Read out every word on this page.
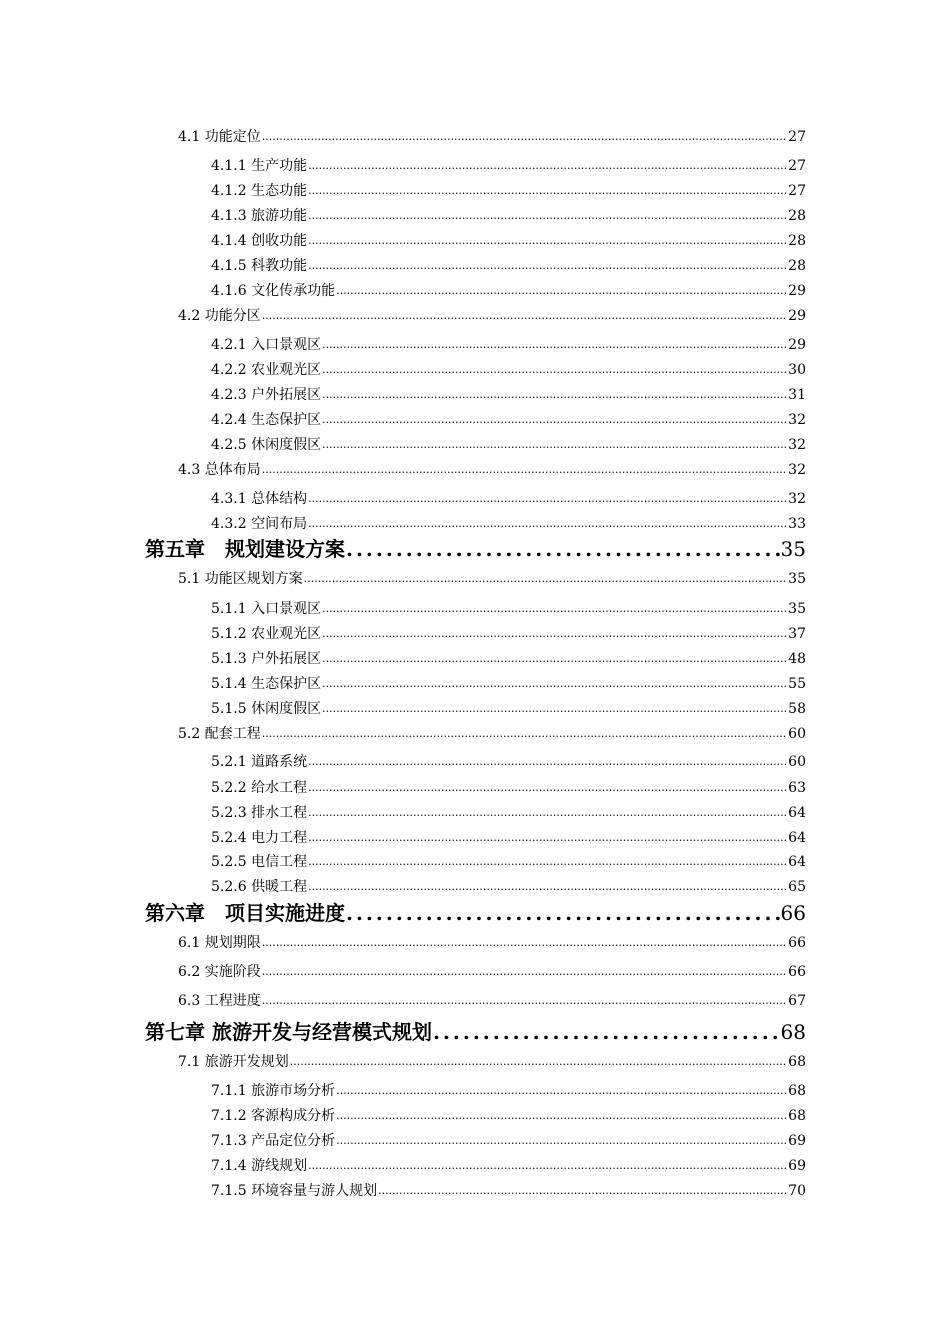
4.1 功能定位 .....	27
4.1.1 生产功能 .....	27
4.1.2 生态功能 .....	27
4.1.3 旅游功能 .....	28
4.1.4 创收功能 .....	28
4.1.5 科教功能 .....	28
4.1.6 文化传承功能 .....	29
4.2 功能分区 .....	29
4.2.1 入口景观区 .....	29
4.2.2 农业观光区 .....	30
4.2.3 户外拓展区 .....	31
4.2.4 生态保护区 .....	32
4.2.5 休闲度假区 .....	32
4.3 总体布局 .....	32
4.3.1 总体结构 .....	32
4.3.2 空间布局 .....	33
第五章　规划建设方案 .....	35
5.1 功能区规划方案 .....	35
5.1.1 入口景观区 .....	35
5.1.2 农业观光区 .....	37
5.1.3 户外拓展区 .....	48
5.1.4 生态保护区 .....	55
5.1.5 休闲度假区 .....	58
5.2 配套工程 .....	60
5.2.1 道路系统 .....	60
5.2.2 给水工程 .....	63
5.2.3 排水工程 .....	64
5.2.4 电力工程 .....	64
5.2.5 电信工程 .....	64
5.2.6 供暖工程 .....	65
第六章　项目实施进度 .....	66
6.1 规划期限 .....	66
6.2 实施阶段 .....	66
6.3 工程进度 .....	67
第七章 旅游开发与经营模式规划 .....	68
7.1 旅游开发规划 .....	68
7.1.1 旅游市场分析 .....	68
7.1.2 客源构成分析 .....	68
7.1.3 产品定位分析 .....	69
7.1.4 游线规划 .....	69
7.1.5 环境容量与游人规划 .....	70
